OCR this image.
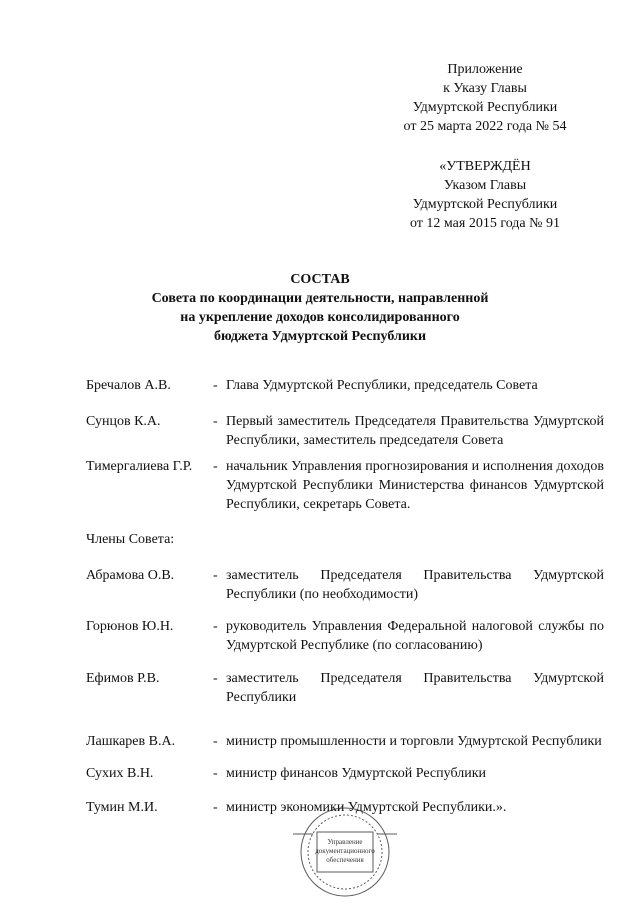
Приложение
к Указу Главы
Удмуртской Республики
от 25 марта 2022 года № 54
«УТВЕРЖДЁН
Указом Главы
Удмуртской Республики
от 12 мая 2015 года № 91
СОСТАВ
Совета по координации деятельности, направленной
на укрепление доходов консолидированного
бюджета Удмуртской Республики
Бречалов А.В.	- Глава Удмуртской Республики, председатель Совета
Сунцов К.А.	- Первый заместитель Председателя Правительства Удмуртской Республики, заместитель председателя Совета
Тимергалиева Г.Р.	- начальник Управления прогнозирования и исполнения доходов Удмуртской Республики Министерства финансов Удмуртской Республики, секретарь Совета.
Члены Совета:
Абрамова О.В.	- заместитель Председателя Правительства Удмуртской Республики (по необходимости)
Горюнов Ю.Н.	- руководитель Управления Федеральной налоговой службы по Удмуртской Республике (по согласованию)
Ефимов Р.В.	- заместитель Председателя Правительства Удмуртской Республики
Лашкарев В.А.	- министр промышленности и торговли Удмуртской Республики
Сухих В.Н.	- министр финансов Удмуртской Республики
Тумин М.И.	- министр экономики Удмуртской Республики.».
Управление
документационного
обеспечения
